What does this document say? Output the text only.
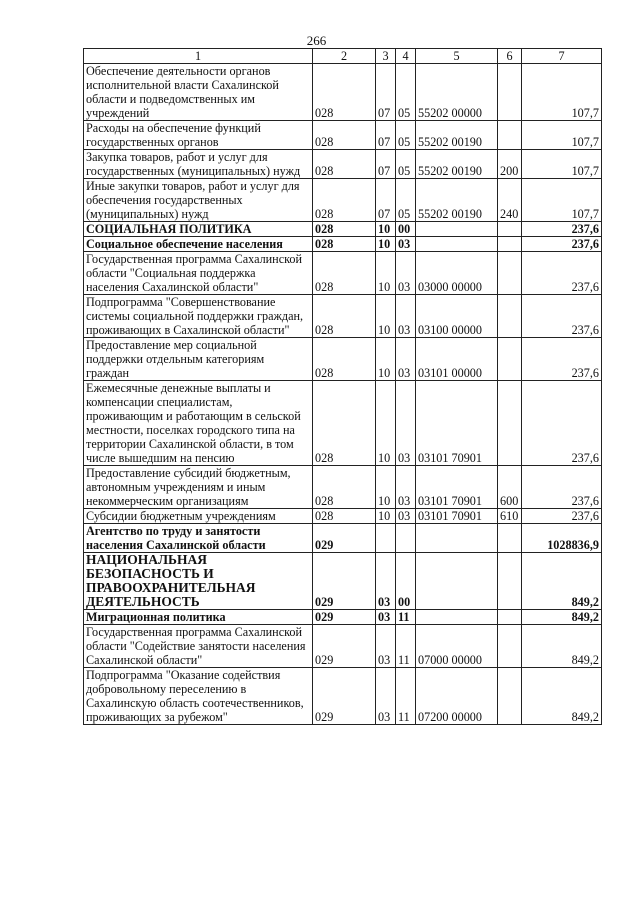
266
1	2	3	4	5	6	7
Обеспечение деятельности органов исполнительной власти Сахалинской области и подведомственных им учреждений	028	07	05	55202 00000		107,7
Расходы на обеспечение функций государственных органов	028	07	05	55202 00190		107,7
Закупка товаров, работ и услуг для государственных (муниципальных) нужд	028	07	05	55202 00190	200	107,7
Иные закупки товаров, работ и услуг для обеспечения государственных (муниципальных) нужд	028	07	05	55202 00190	240	107,7
СОЦИАЛЬНАЯ ПОЛИТИКА	028	10	00			237,6
Социальное обеспечение населения	028	10	03			237,6
Государственная программа Сахалинской области "Социальная поддержка населения Сахалинской области"	028	10	03	03000 00000		237,6
Подпрограмма "Совершенствование системы социальной поддержки граждан, проживающих в Сахалинской области"	028	10	03	03100 00000		237,6
Предоставление мер социальной поддержки отдельным категориям граждан	028	10	03	03101 00000		237,6
Ежемесячные денежные выплаты и компенсации специалистам, проживающим и работающим в сельской местности, поселках городского типа на территории Сахалинской области, в том числе вышедшим на пенсию	028	10	03	03101 70901		237,6
Предоставление субсидий бюджетным, автономным учреждениям и иным некоммерческим организациям	028	10	03	03101 70901	600	237,6
Субсидии бюджетным учреждениям	028	10	03	03101 70901	610	237,6
Агентство по труду и занятости населения Сахалинской области	029					1028836,9
НАЦИОНАЛЬНАЯ БЕЗОПАСНОСТЬ И ПРАВООХРАНИТЕЛЬНАЯ ДЕЯТЕЛЬНОСТЬ	029	03	00			849,2
Миграционная политика	029	03	11			849,2
Государственная программа Сахалинской области "Содействие занятости населения Сахалинской области"	029	03	11	07000 00000		849,2
Подпрограмма "Оказание содействия добровольному переселению в Сахалинскую область соотечественников, проживающих за рубежом"	029	03	11	07200 00000		849,2
